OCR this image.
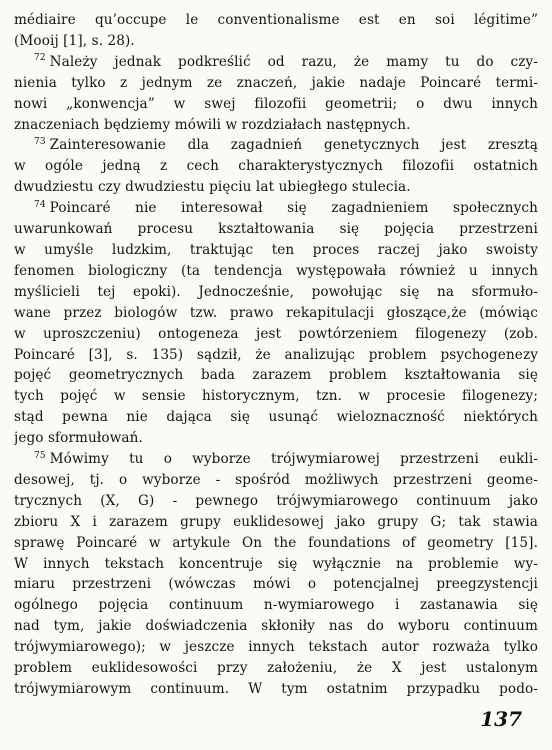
médiaire qu’occupe le conventionalisme est en soi légitime”
(Mooij [1], s. 28).
$^{72}$ Należy jednak podkreślić od razu, że mamy tu do czy-
nienia tylko z jednym ze znaczeń, jakie nadaje Poincaré termi-
nowi „konwencja” w swej filozofii geometrii; o dwu innych
znaczeniach będziemy mówili w rozdziałach następnych.
$^{73}$ Zainteresowanie dla zagadnień genetycznych jest zresztą
w ogóle jedną z cech charakterystycznych filozofii ostatnich
dwudziestu czy dwudziestu pięciu lat ubiegłego stulecia.
$^{74}$ Poincaré nie interesował się zagadnieniem społecznych
uwarunkowań procesu kształtowania się pojęcia przestrzeni
w umyśle ludzkim, traktując ten proces raczej jako swoisty
fenomen biologiczny (ta tendencja występowała również u innych
myślicieli tej epoki). Jednocześnie, powołując się na sformuło-
wane przez biologów tzw. prawo rekapitulacji głoszące,że (mówiąc
w uproszczeniu) ontogeneza jest powtórzeniem filogenezy (zob.
Poincaré [3], s. 135) sądził, że analizując problem psychogenezy
pojęć geometrycznych bada zarazem problem kształtowania się
tych pojęć w sensie historycznym, tzn. w procesie filogenezy;
stąd pewna nie dająca się usunąć wieloznaczność niektórych
jego sformułowań.
$^{75}$ Mówimy tu o wyborze trójwymiarowej przestrzeni eukli-
desowej, tj. o wyborze - spośród możliwych przestrzeni geome-
trycznych (X, G) - pewnego trójwymiarowego continuum jako
zbioru X i zarazem grupy euklidesowej jako grupy G; tak stawia
sprawę Poincaré w artykule On the foundations of geometry [15].
W innych tekstach koncentruje się wyłącznie na problemie wy-
miaru przestrzeni (wówczas mówi o potencjalnej preegzystencji
ogólnego pojęcia continuum n-wymiarowego i zastanawia się
nad tym, jakie doświadczenia skłoniły nas do wyboru continuum
trójwymiarowego); w jeszcze innych tekstach autor rozważa tylko
problem euklidesowości przy założeniu, że X jest ustalonym
trójwymiarowym continuum. W tym ostatnim przypadku podo-
137
